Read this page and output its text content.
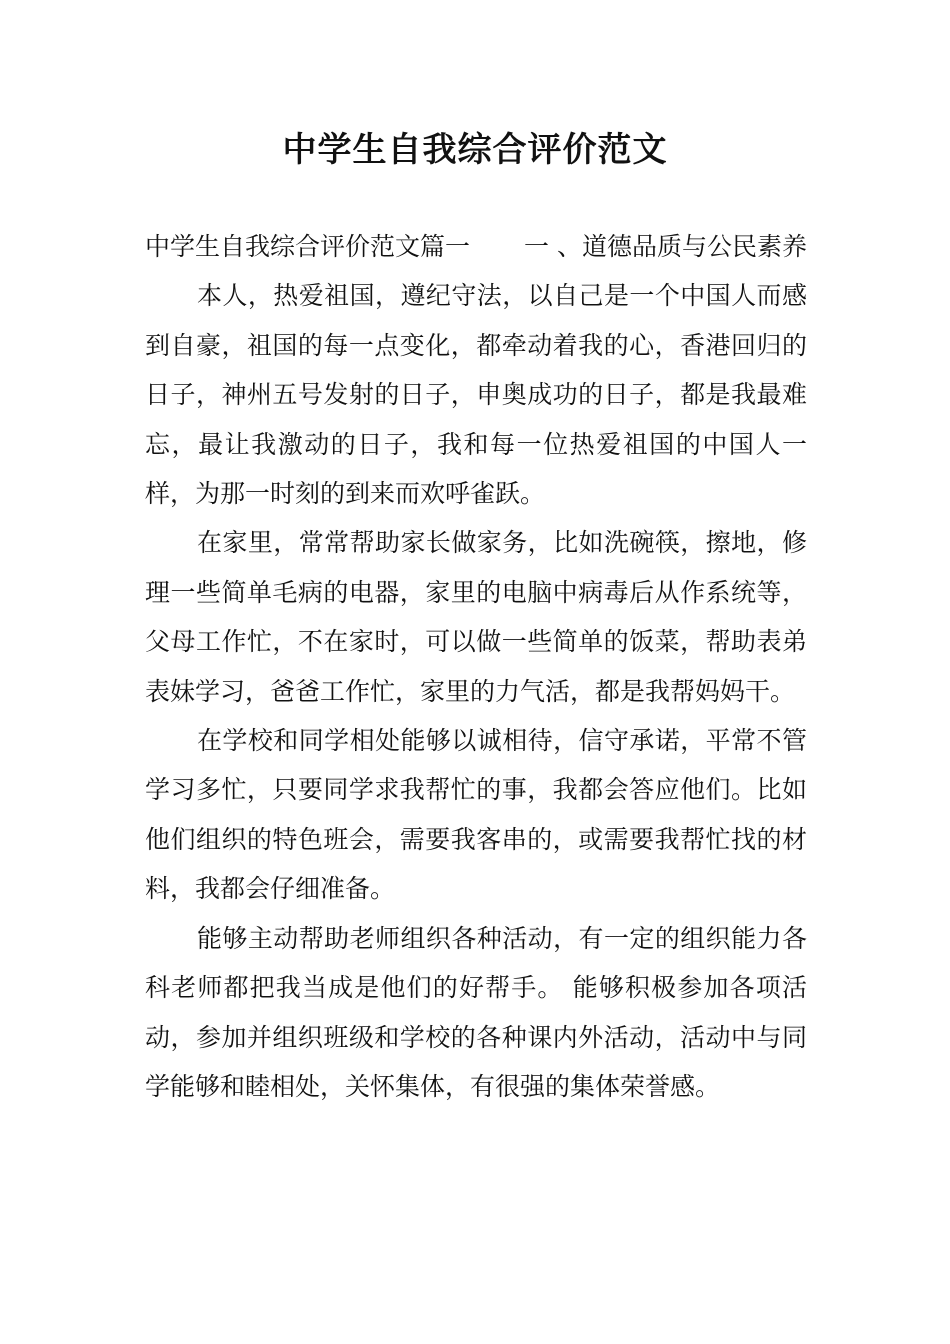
中学生自我综合评价范文

中学生自我综合评价范文篇一 一 、道德品质与公民素养

本人，热爱祖国，遵纪守法，以自己是一个中国人而感到自豪，祖国的每一点变化，都牵动着我的心，香港回归的日子，神州五号发射的日子，申奥成功的日子，都是我最难忘，最让我激动的日子，我和每一位热爱祖国的中国人一样，为那一时刻的到来而欢呼雀跃。

在家里，常常帮助家长做家务，比如洗碗筷，擦地，修理一些简单毛病的电器，家里的电脑中病毒后从作系统等，父母工作忙，不在家时，可以做一些简单的饭菜，帮助表弟表妹学习，爸爸工作忙，家里的力气活，都是我帮妈妈干。

在学校和同学相处能够以诚相待，信守承诺，平常不管学习多忙，只要同学求我帮忙的事，我都会答应他们。比如他们组织的特色班会，需要我客串的，或需要我帮忙找的材料，我都会仔细准备。

能够主动帮助老师组织各种活动，有一定的组织能力各科老师都把我当成是他们的好帮手。 能够积极参加各项活动，参加并组织班级和学校的各种课内外活动，活动中与同学能够和睦相处，关怀集体，有很强的集体荣誉感。
